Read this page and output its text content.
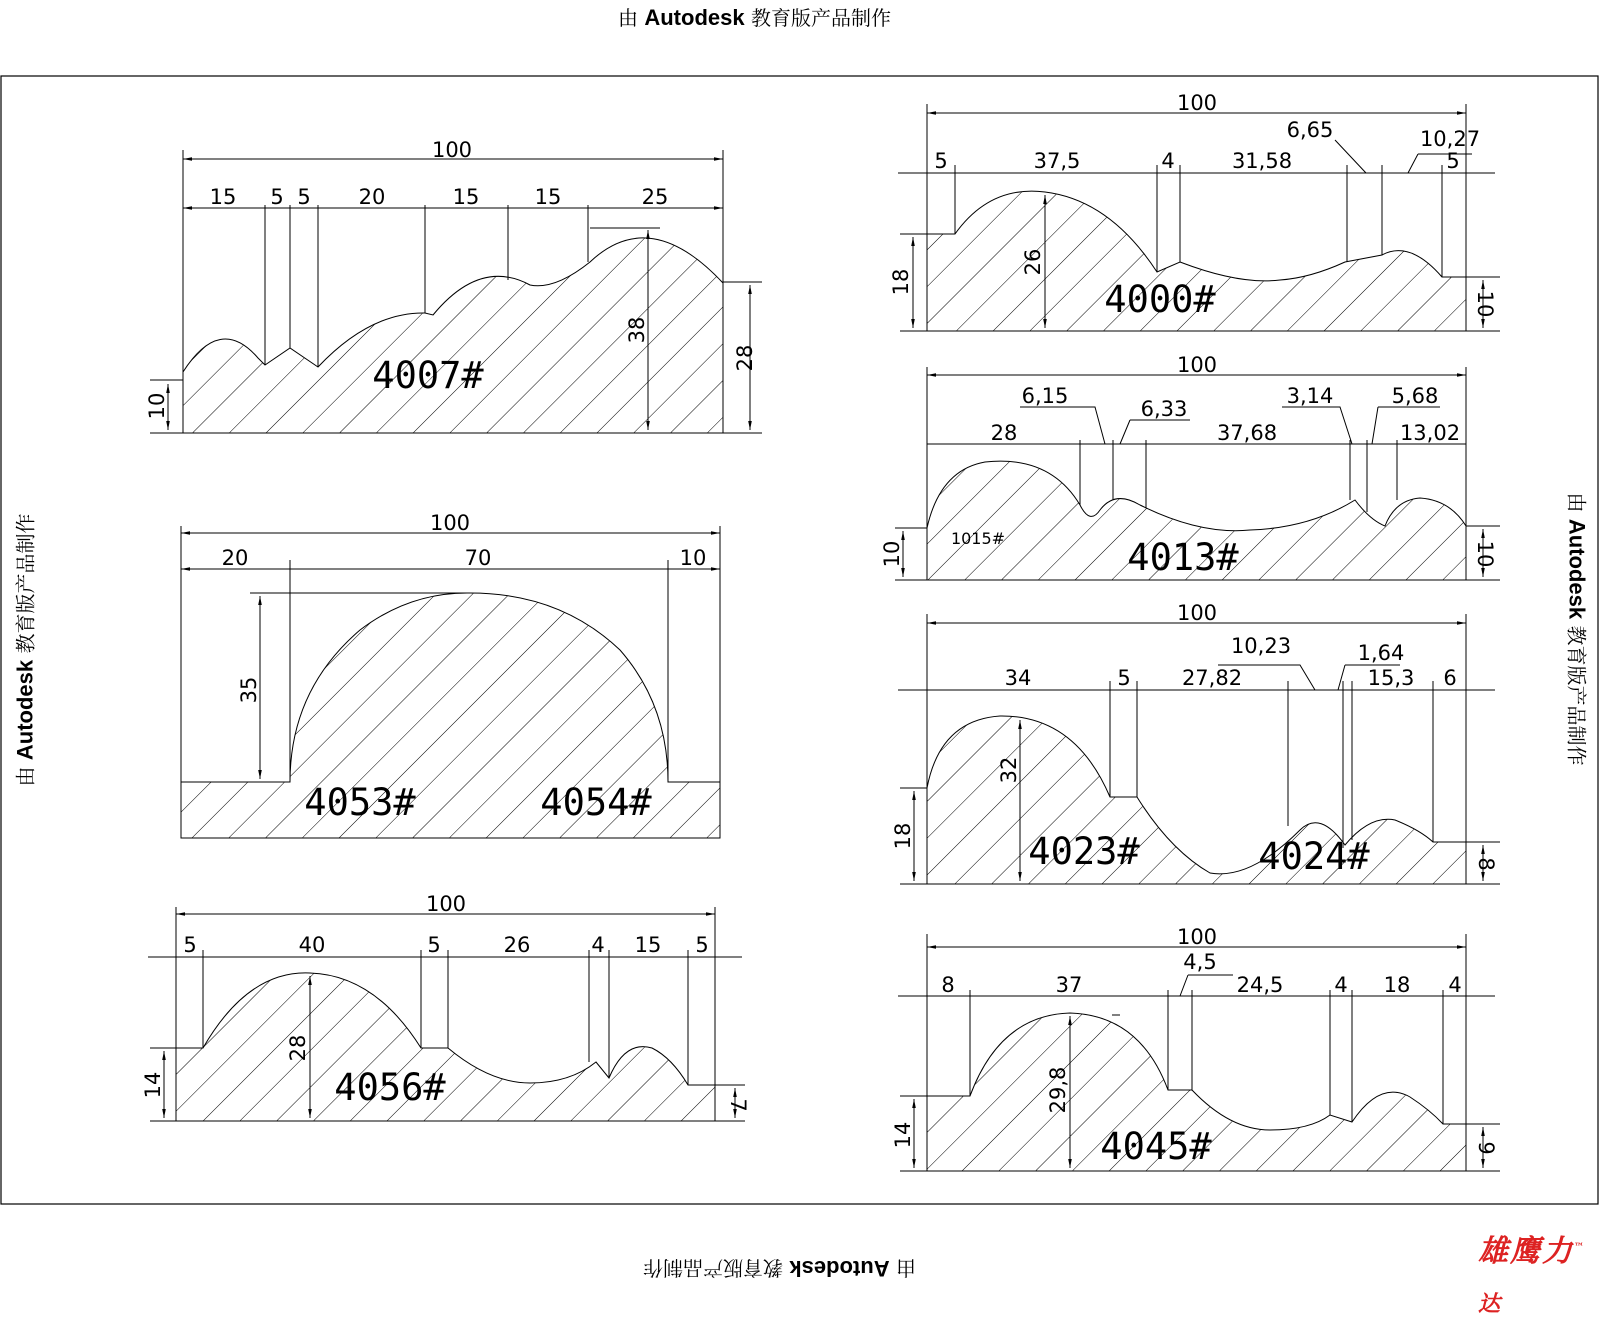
由 Autodesk 教育版产品制作
由 Autodesk 教育版产品制作
由 Autodesk 教育版产品制作
由 Autodesk 教育版产品制作
100
15 5 5 20	15	15	25
10
38
28
4007#
100
20	70	10
35
4053#	4054#
100
5	40	5	26	4 15 5
14
28
7
4056#
100
5	37,5	4	31,58
6,65	10,27
5
18
26
10
4000#
100
28
6,15
6,33
37,68
3,14	5,68
13,02
10	10
1015#	4013#
100
34	5 27,82
10,23	1,64
15,3 6
18
32
8
4023#	4024#
100
8	37
4,5
24,5 4 18 4
14
29,8
9
4045#
雄鹰力™$_达$
